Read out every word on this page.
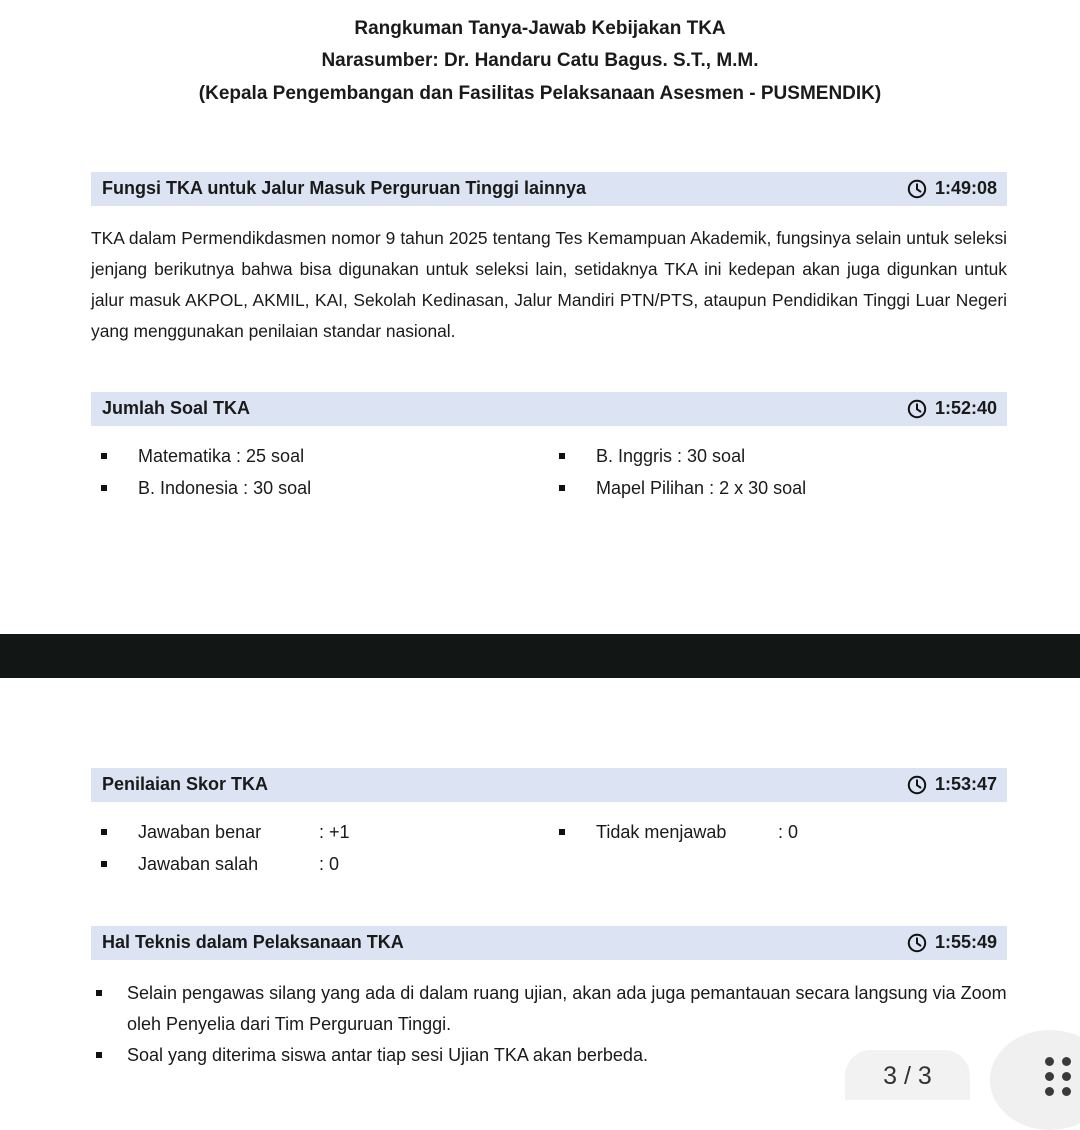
Rangkuman Tanya-Jawab Kebijakan TKA
Narasumber: Dr. Handaru Catu Bagus. S.T., M.M.
(Kepala Pengembangan dan Fasilitas Pelaksanaan Asesmen - PUSMENDIK)
Fungsi TKA untuk Jalur Masuk Perguruan Tinggi lainnya	1:49:08

TKA dalam Permendikdasmen nomor 9 tahun 2025 tentang Tes Kemampuan Akademik, fungsinya selain untuk seleksi jenjang berikutnya bahwa bisa digunakan untuk seleksi lain, setidaknya TKA ini kedepan akan juga digunkan untuk jalur masuk AKPOL, AKMIL, KAI, Sekolah Kedinasan, Jalur Mandiri PTN/PTS, ataupun Pendidikan Tinggi Luar Negeri yang menggunakan penilaian standar nasional.

Jumlah Soal TKA	1:52:40
Matematika : 25 soal	B. Inggris : 30 soal
B. Indonesia : 30 soal	Mapel Pilihan : 2 x 30 soal
Penilaian Skor TKA	1:53:47
Jawaban benar	: +1	Tidak menjawab	: 0
Jawaban salah	: 0
Hal Teknis dalam Pelaksanaan TKA	1:55:49
Selain pengawas silang yang ada di dalam ruang ujian, akan ada juga pemantauan secara langsung via Zoom oleh Penyelia dari Tim Perguruan Tinggi.
Soal yang diterima siswa antar tiap sesi Ujian TKA akan berbeda.
3 / 3
